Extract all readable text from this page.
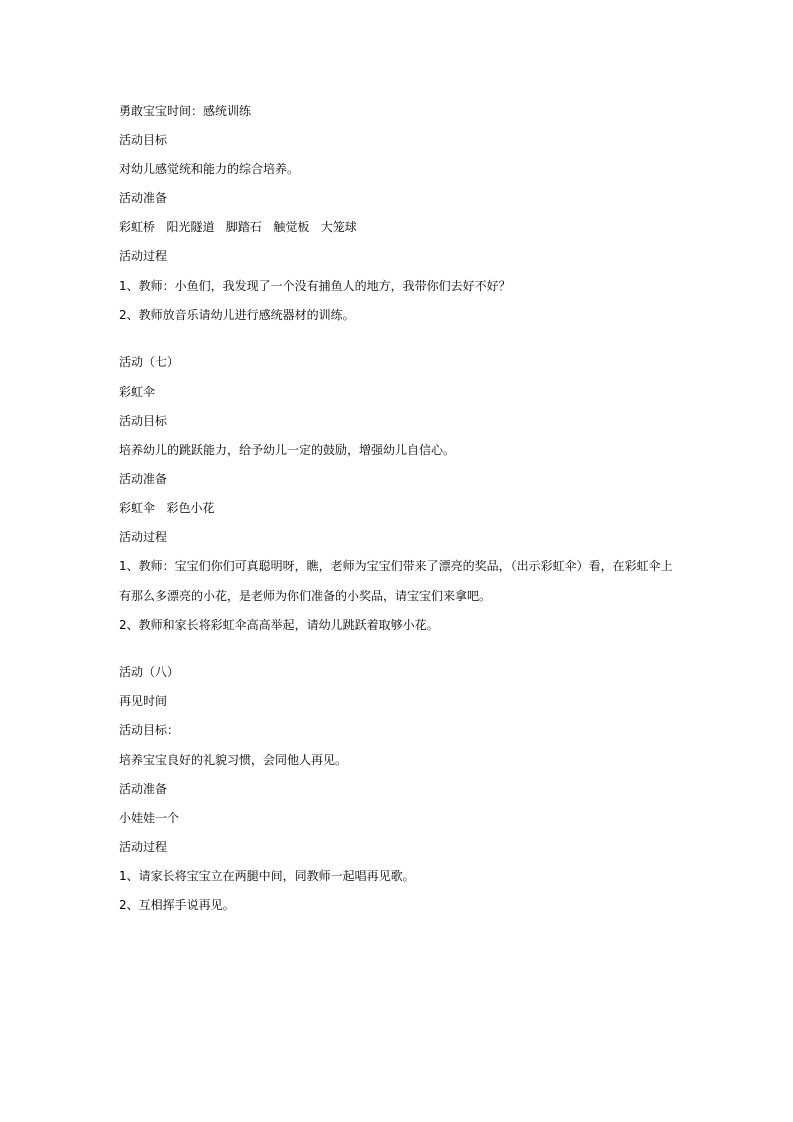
勇敢宝宝时间：感统训练
活动目标
对幼儿感觉统和能力的综合培养。
活动准备
彩虹桥   阳光隧道   脚踏石   触觉板   大笼球
活动过程
1、教师：小鱼们，我发现了一个没有捕鱼人的地方，我带你们去好不好？
2、教师放音乐请幼儿进行感统器材的训练。
活动（七）
彩虹伞
活动目标
培养幼儿的跳跃能力，给予幼儿一定的鼓励，增强幼儿自信心。
活动准备
彩虹伞   彩色小花
活动过程
1、教师：宝宝们你们可真聪明呀，瞧，老师为宝宝们带来了漂亮的奖品，（出示彩虹伞）看，在彩虹伞上
有那么多漂亮的小花，是老师为你们准备的小奖品，请宝宝们来拿吧。
2、教师和家长将彩虹伞高高举起，请幼儿跳跃着取够小花。
活动（八）
再见时间
活动目标：
培养宝宝良好的礼貌习惯，会同他人再见。
活动准备
小娃娃一个
活动过程
1、请家长将宝宝立在两腿中间，同教师一起唱再见歌。
2、互相挥手说再见。
